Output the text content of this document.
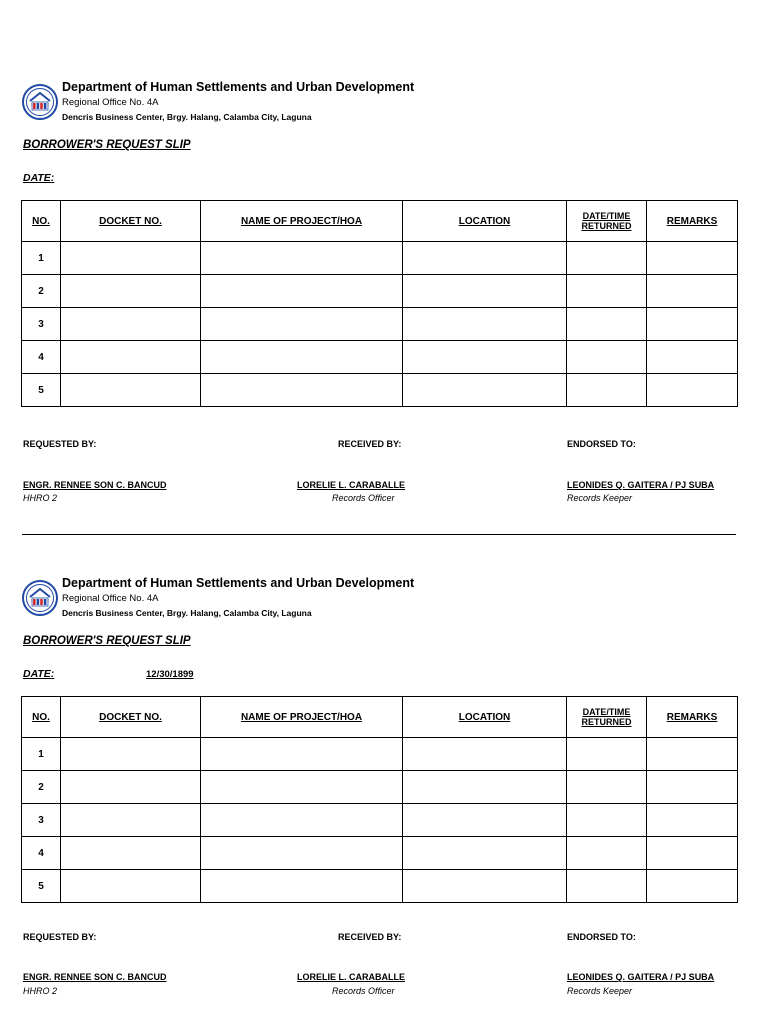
Department of Human Settlements and Urban Development
Regional Office No. 4A
Dencris Business Center, Brgy. Halang, Calamba City, Laguna
BORROWER'S REQUEST SLIP
DATE:
NO.	DOCKET NO.	NAME OF PROJECT/HOA	LOCATION	DATE/TIME RETURNED	REMARKS
1					
2					
3					
4					
5					
REQUESTED BY:	RECEIVED BY:	ENDORSED TO:
ENGR. RENNEE SON C. BANCUD
HHRO 2
LORELIE L. CARABALLE
Records Officer
LEONIDES Q. GAITERA / PJ SUBA
Records Keeper
Department of Human Settlements and Urban Development
Regional Office No. 4A
Dencris Business Center, Brgy. Halang, Calamba City, Laguna
BORROWER'S REQUEST SLIP
DATE:	12/30/1899
NO.	DOCKET NO.	NAME OF PROJECT/HOA	LOCATION	DATE/TIME RETURNED	REMARKS
1					
2					
3					
4					
5					
REQUESTED BY:	RECEIVED BY:	ENDORSED TO:
ENGR. RENNEE SON C. BANCUD
HHRO 2
LORELIE L. CARABALLE
Records Officer
LEONIDES Q. GAITERA / PJ SUBA
Records Keeper
